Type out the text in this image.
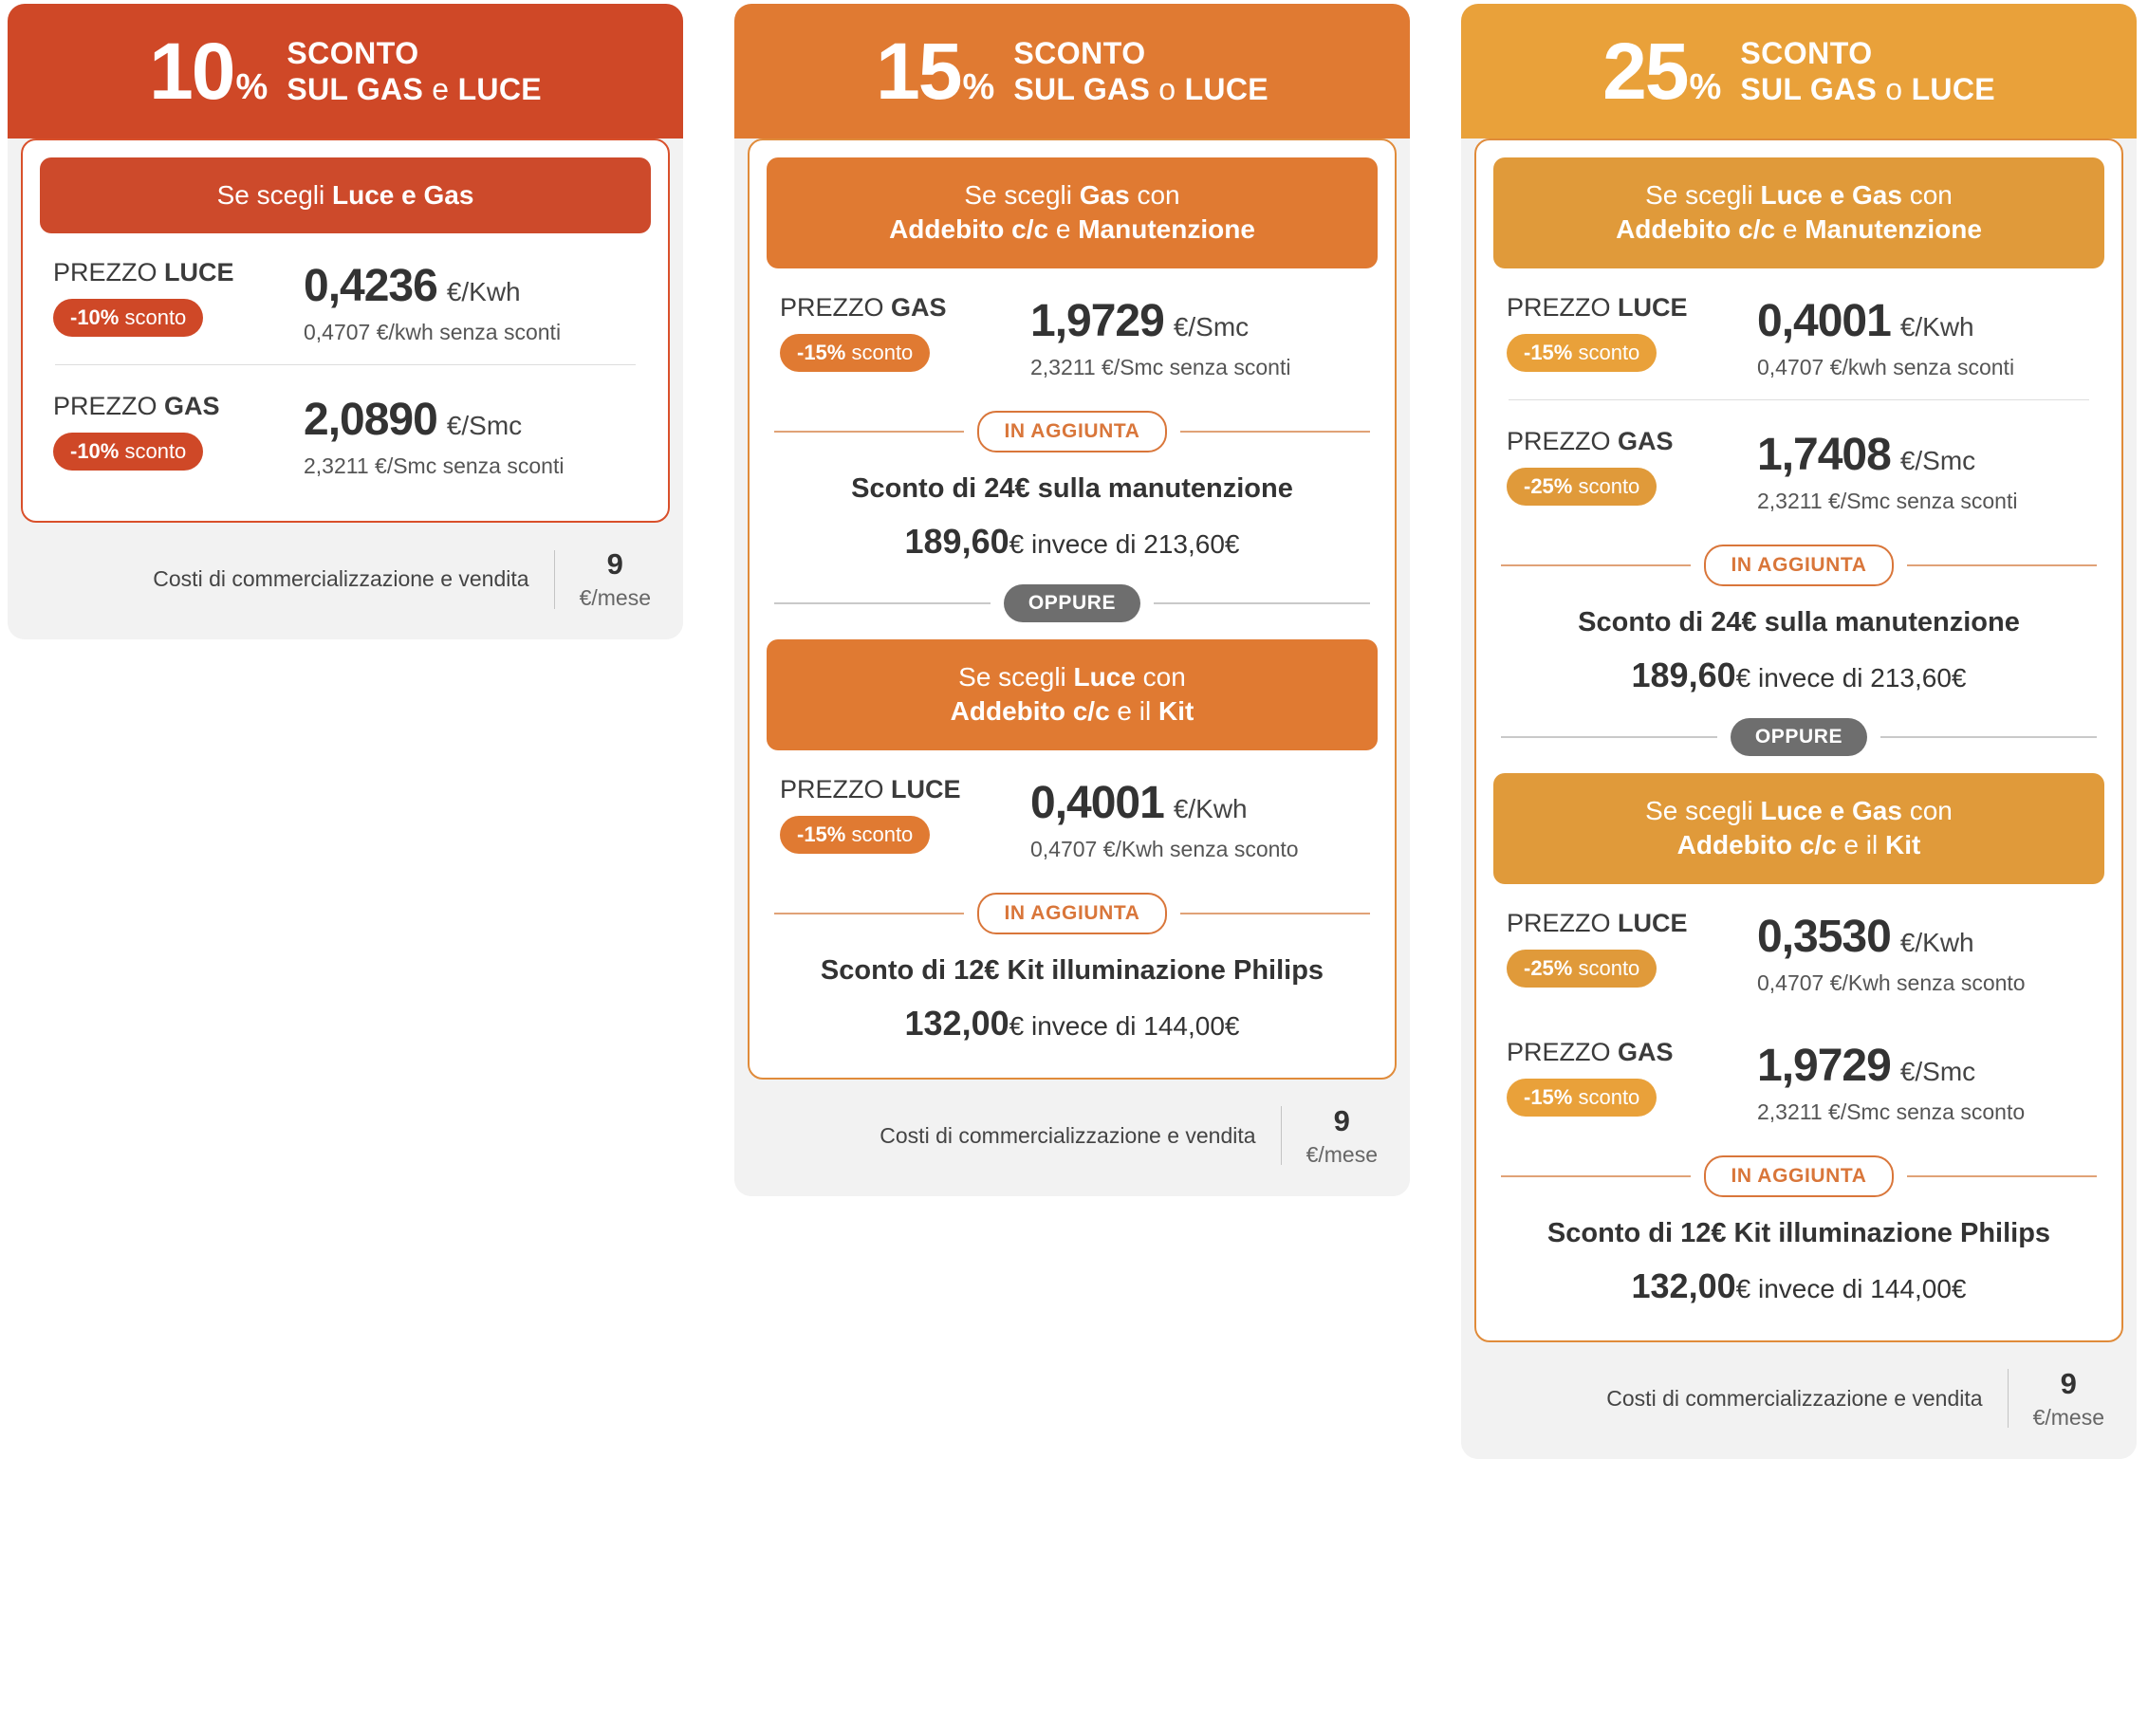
10 %
SCONTO
SUL GAS e LUCE
Se scegli Luce e Gas
PREZZO LUCE
-10% sconto
0,4236 €/Kwh
0,4707 €/kwh senza sconti
PREZZO GAS
-10% sconto
2,0890 €/Smc
2,3211 €/Smc senza sconti
Costi di commercializzazione e vendita	9
€/mese
15 %
SCONTO
SUL GAS o LUCE
Se scegli Gas con
Addebito c/c e Manutenzione
PREZZO GAS
-15% sconto
1,9729 €/Smc
2,3211 €/Smc senza sconti
IN AGGIUNTA
Sconto di 24€ sulla manutenzione
189,60€ invece di 213,60€
OPPURE
Se scegli Luce con
Addebito c/c e il Kit
PREZZO LUCE
-15% sconto
0,4001 €/Kwh
0,4707 €/Kwh senza sconto
IN AGGIUNTA
Sconto di 12€ Kit illuminazione Philips
132,00€ invece di 144,00€
Costi di commercializzazione e vendita	9
€/mese
25 %
SCONTO
SUL GAS o LUCE
Se scegli Luce e Gas con
Addebito c/c e Manutenzione
PREZZO LUCE
-15% sconto
0,4001 €/Kwh
0,4707 €/kwh senza sconti
PREZZO GAS
-25% sconto
1,7408 €/Smc
2,3211 €/Smc senza sconti
IN AGGIUNTA
Sconto di 24€ sulla manutenzione
189,60€ invece di 213,60€
OPPURE
Se scegli Luce e Gas con
Addebito c/c e il Kit
PREZZO LUCE
-25% sconto
0,3530 €/Kwh
0,4707 €/Kwh senza sconto
PREZZO GAS
-15% sconto
1,9729 €/Smc
2,3211 €/Smc senza sconto
IN AGGIUNTA
Sconto di 12€ Kit illuminazione Philips
132,00€ invece di 144,00€
Costi di commercializzazione e vendita	9
€/mese
